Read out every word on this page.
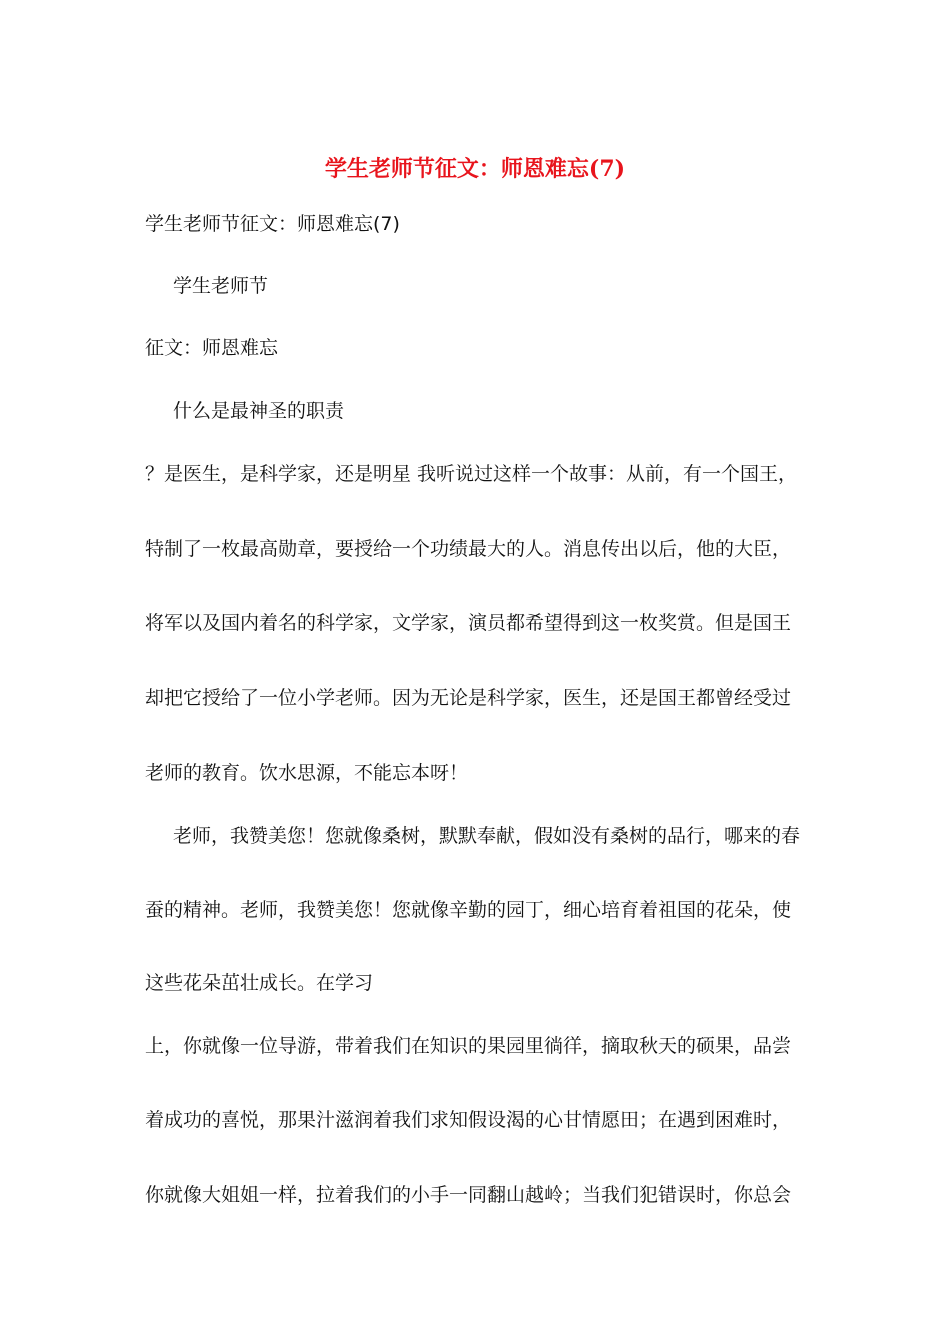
学生老师节征文：师恩难忘(7)

学生老师节征文：师恩难忘(7)

学生老师节

征文：师恩难忘

什么是最神圣的职责

？是医生，是科学家，还是明星 我听说过这样一个故事：从前，有一个国王，

特制了一枚最高勋章，要授给一个功绩最大的人。消息传出以后，他的大臣，

将军以及国内着名的科学家，文学家，演员都希望得到这一枚奖赏。但是国王

却把它授给了一位小学老师。因为无论是科学家，医生，还是国王都曾经受过

老师的教育。饮水思源，不能忘本呀！

老师，我赞美您！您就像桑树，默默奉献，假如没有桑树的品行，哪来的春

蚕的精神。老师，我赞美您！您就像辛勤的园丁，细心培育着祖国的花朵，使

这些花朵茁壮成长。在学习

上，你就像一位导游，带着我们在知识的果园里徜徉，摘取秋天的硕果，品尝

着成功的喜悦，那果汁滋润着我们求知假设渴的心甘情愿田；在遇到困难时，

你就像大姐姐一样，拉着我们的小手一同翻山越岭；当我们犯错误时，你总会
